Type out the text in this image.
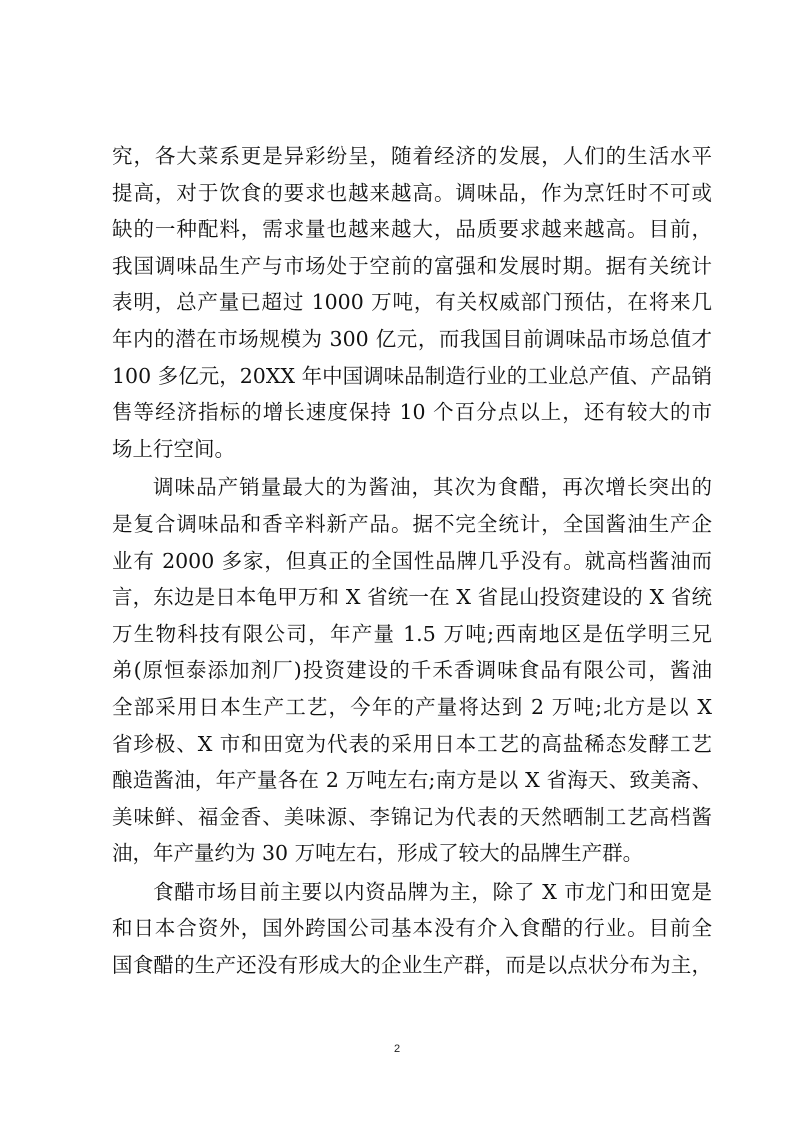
究，各大菜系更是异彩纷呈，随着经济的发展，人们的生活水平
提高，对于饮食的要求也越来越高。调味品，作为烹饪时不可或
缺的一种配料，需求量也越来越大，品质要求越来越高。目前，
我国调味品生产与市场处于空前的富强和发展时期。据有关统计
表明，总产量已超过 1000 万吨，有关权威部门预估，在将来几
年内的潜在市场规模为 300 亿元，而我国目前调味品市场总值才
100 多亿元，20XX 年中国调味品制造行业的工业总产值、产品销
售等经济指标的增长速度保持 10 个百分点以上，还有较大的市
场上行空间。
调味品产销量最大的为酱油，其次为食醋，再次增长突出的
是复合调味品和香辛料新产品。据不完全统计，全国酱油生产企
业有 2000 多家，但真正的全国性品牌几乎没有。就高档酱油而
言，东边是日本龟甲万和 X 省统一在 X 省昆山投资建设的 X 省统
万生物科技有限公司，年产量 1.5 万吨;西南地区是伍学明三兄
弟(原恒泰添加剂厂)投资建设的千禾香调味食品有限公司，酱油
全部采用日本生产工艺，今年的产量将达到 2 万吨;北方是以 X
省珍极、X 市和田宽为代表的采用日本工艺的高盐稀态发酵工艺
酿造酱油，年产量各在 2 万吨左右;南方是以 X 省海天、致美斋、
美味鲜、福金香、美味源、李锦记为代表的天然晒制工艺高档酱
油，年产量约为 30 万吨左右，形成了较大的品牌生产群。
食醋市场目前主要以内资品牌为主，除了 X 市龙门和田宽是
和日本合资外，国外跨国公司基本没有介入食醋的行业。目前全
国食醋的生产还没有形成大的企业生产群，而是以点状分布为主，
2
